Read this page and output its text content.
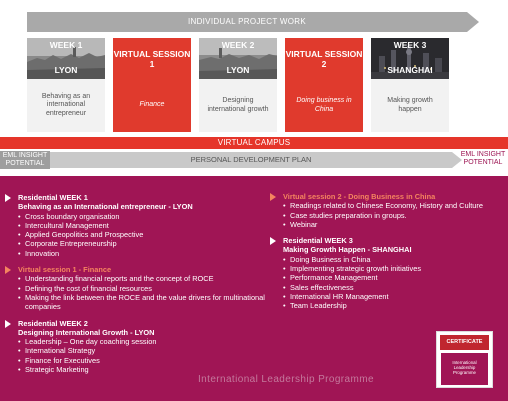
INDIVIDUAL PROJECT WORK
WEEK 1
LYON
Behaving as an international entrepreneur
VIRTUAL SESSION 1
Finance
WEEK 2
LYON
Designing international growth
VIRTUAL SESSION 2
Doing business in China
WEEK 3
SHANGHAI
Making growth happen
VIRTUAL CAMPUS
EML INSIGHT POTENTIAL	PERSONAL DEVELOPMENT PLAN
EML INSIGHT POTENTIAL
Residential WEEK 1
Behaving as an International entrepreneur - LYON
• Cross boundary organisation
• Intercultural Management
• Applied Geopolitics and Prospective
• Corporate Entrepreneurship
• Innovation
Virtual session 1 - Finance
• Understanding financial reports and the concept of ROCE
• Defining the cost of financial resources
• Making the link between the ROCE and the value drivers for multinational companies
Residential WEEK 2
Designing International Growth - LYON
• Leadership – One day coaching session
• International Strategy
• Finance for Executives
• Strategic Marketing
Virtual session 2 - Doing Business in China
• Readings related to Chinese Economy, History and Culture
• Case studies preparation in groups.
• Webinar
Residential WEEK 3
Making Growth Happen - SHANGHAI
• Doing Business in China
• Implementing strategic growth initiatives
• Performance Management
• Sales effectiveness
• International HR Management
• Team Leadership
CERTIFICATE
International
Leadership
Programme
International Leadership Programme
